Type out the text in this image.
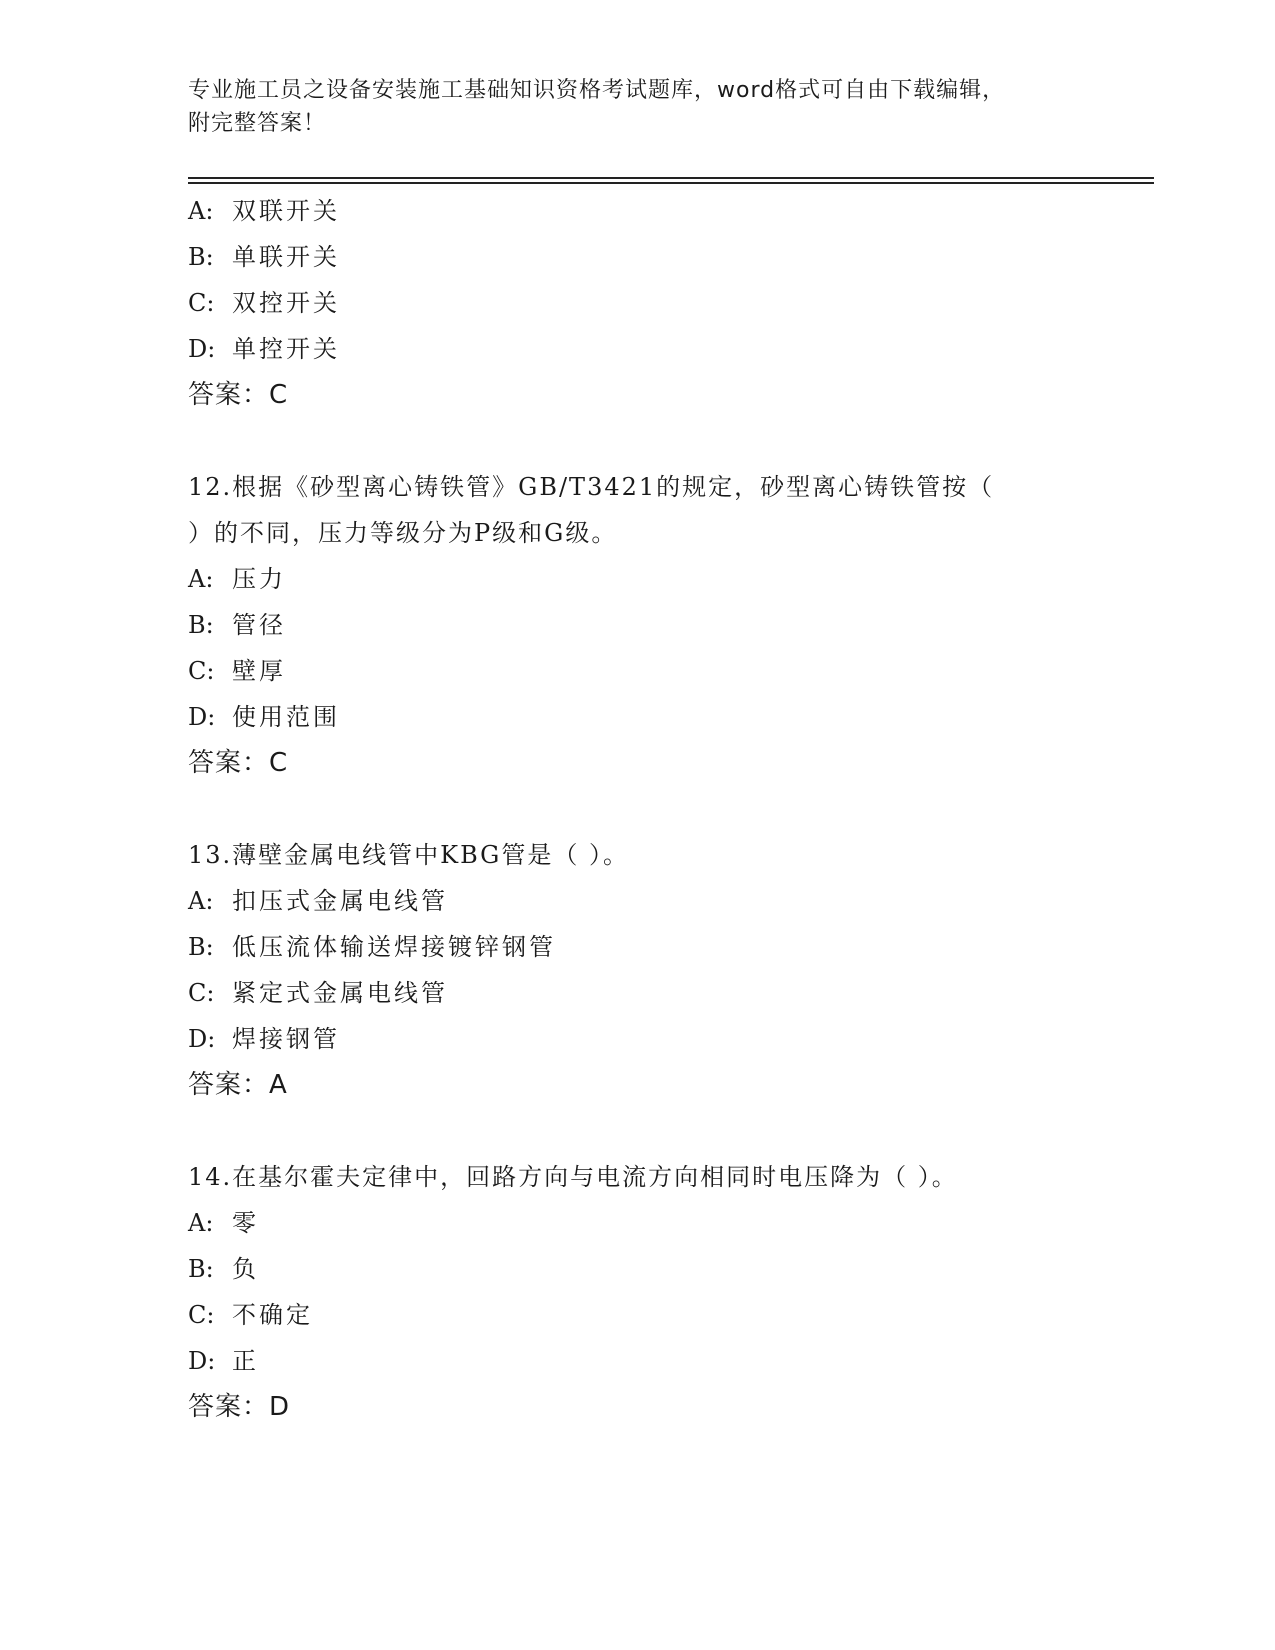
专业施工员之设备安装施工基础知识资格考试题库，word格式可自由下载编辑，
附完整答案！
A: 双联开关
B: 单联开关
C: 双控开关
D: 单控开关
答案：C
12.根据《砂型离心铸铁管》GB/T3421的规定，砂型离心铸铁管按（
）的不同，压力等级分为P级和G级。
A: 压力
B: 管径
C: 壁厚
D: 使用范围
答案：C
13.薄壁金属电线管中KBG管是（ ）。
A: 扣压式金属电线管
B: 低压流体输送焊接镀锌钢管
C: 紧定式金属电线管
D: 焊接钢管
答案：A
14.在基尔霍夫定律中，回路方向与电流方向相同时电压降为（ ）。
A: 零
B: 负
C: 不确定
D: 正
答案：D
